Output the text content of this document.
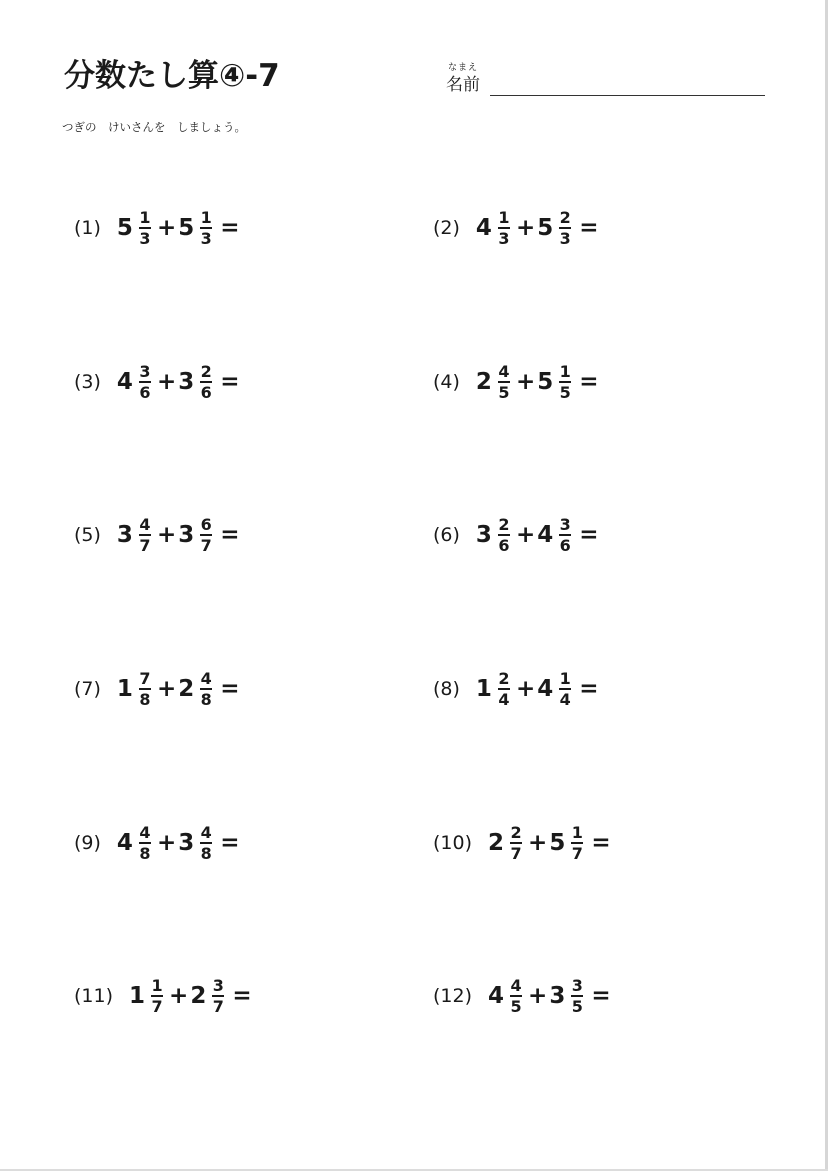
分数たし算④-7	なまえ
名前
つぎの　けいさんを　しましょう。
(1) $5 \frac{1}{3} + 5 \frac{1}{3}$ =	(2) $4 \frac{1}{3} + 5 \frac{2}{3}$ =
(3) $4 \frac{3}{6} + 3 \frac{2}{6}$ =	(4) $2 \frac{4}{5} + 5 \frac{1}{5}$ =
(5) $3 \frac{4}{7} + 3 \frac{6}{7}$ =	(6) $3 \frac{2}{6} + 4 \frac{3}{6}$ =
(7) $1 \frac{7}{8} + 2 \frac{4}{8}$ =	(8) $1 \frac{2}{4} + 4 \frac{1}{4}$ =
(9) $4 \frac{4}{8} + 3 \frac{4}{8}$ =	(10) $2 \frac{2}{7} + 5 \frac{1}{7}$ =
(11) $1 \frac{1}{7} + 2 \frac{3}{7}$ =	(12) $4 \frac{4}{5} + 3 \frac{3}{5}$ =
